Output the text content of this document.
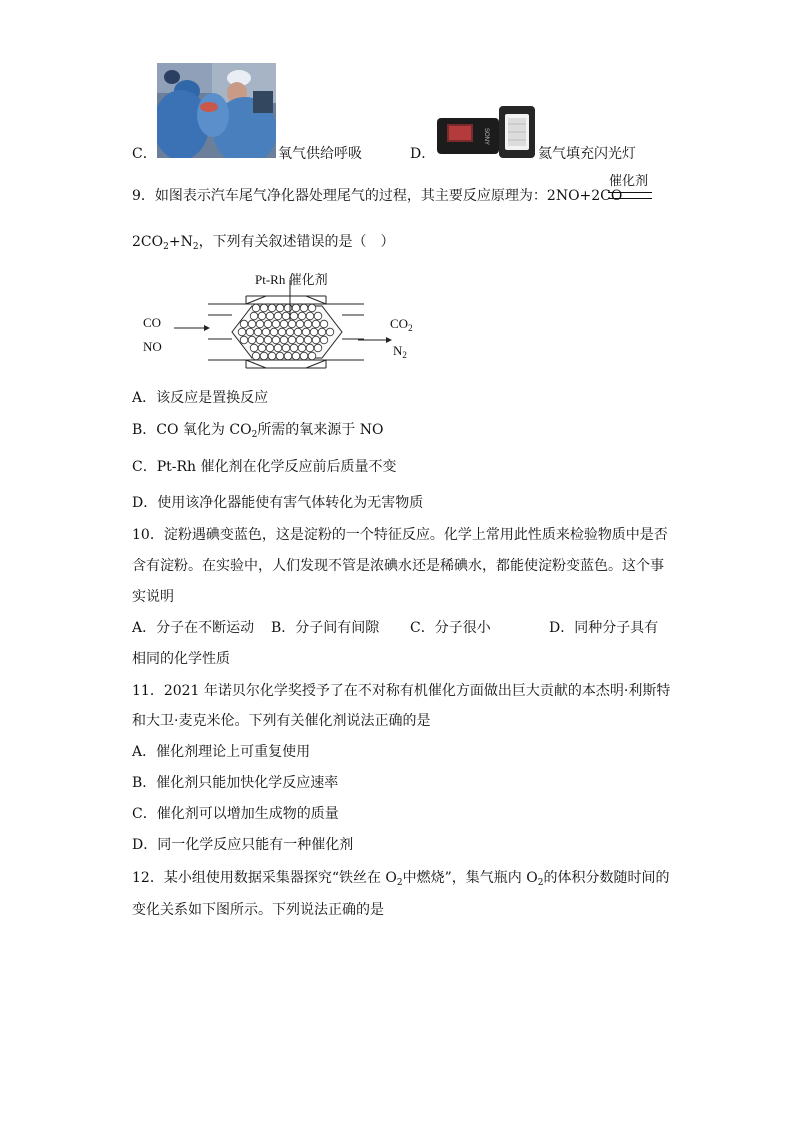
C．	氧气供给呼吸
SONY
D．	氦气填充闪光灯
9．如图表示汽车尾气净化器处理尾气的过程，其主要反应原理为：2NO+2CO
催化剂
$2CO_2+N_2$，下列有关叙述错误的是（　）
Pt-Rh 催化剂
CO
NO
$CO_2$
$N_2$
A．该反应是置换反应
B．CO 氧化为 $CO_2$所需的氧来源于 NO
C．Pt-Rh 催化剂在化学反应前后质量不变
D．使用该净化器能使有害气体转化为无害物质
10．淀粉遇碘变蓝色，这是淀粉的一个特征反应。化学上常用此性质来检验物质中是否
含有淀粉。在实验中，人们发现不管是浓碘水还是稀碘水，都能使淀粉变蓝色。这个事
实说明
A．分子在不断运动 B．分子间有间隙 C．分子很小	D．同种分子具有
相同的化学性质
11．2021 年诺贝尔化学奖授予了在不对称有机催化方面做出巨大贡献的本杰明·利斯特
和大卫·麦克米伦。下列有关催化剂说法正确的是
A．催化剂理论上可重复使用
B．催化剂只能加快化学反应速率
C．催化剂可以增加生成物的质量
D．同一化学反应只能有一种催化剂
12．某小组使用数据采集器探究“铁丝在 $O_2$中燃烧”，集气瓶内 $O_2$的体积分数随时间的
变化关系如下图所示。下列说法正确的是
